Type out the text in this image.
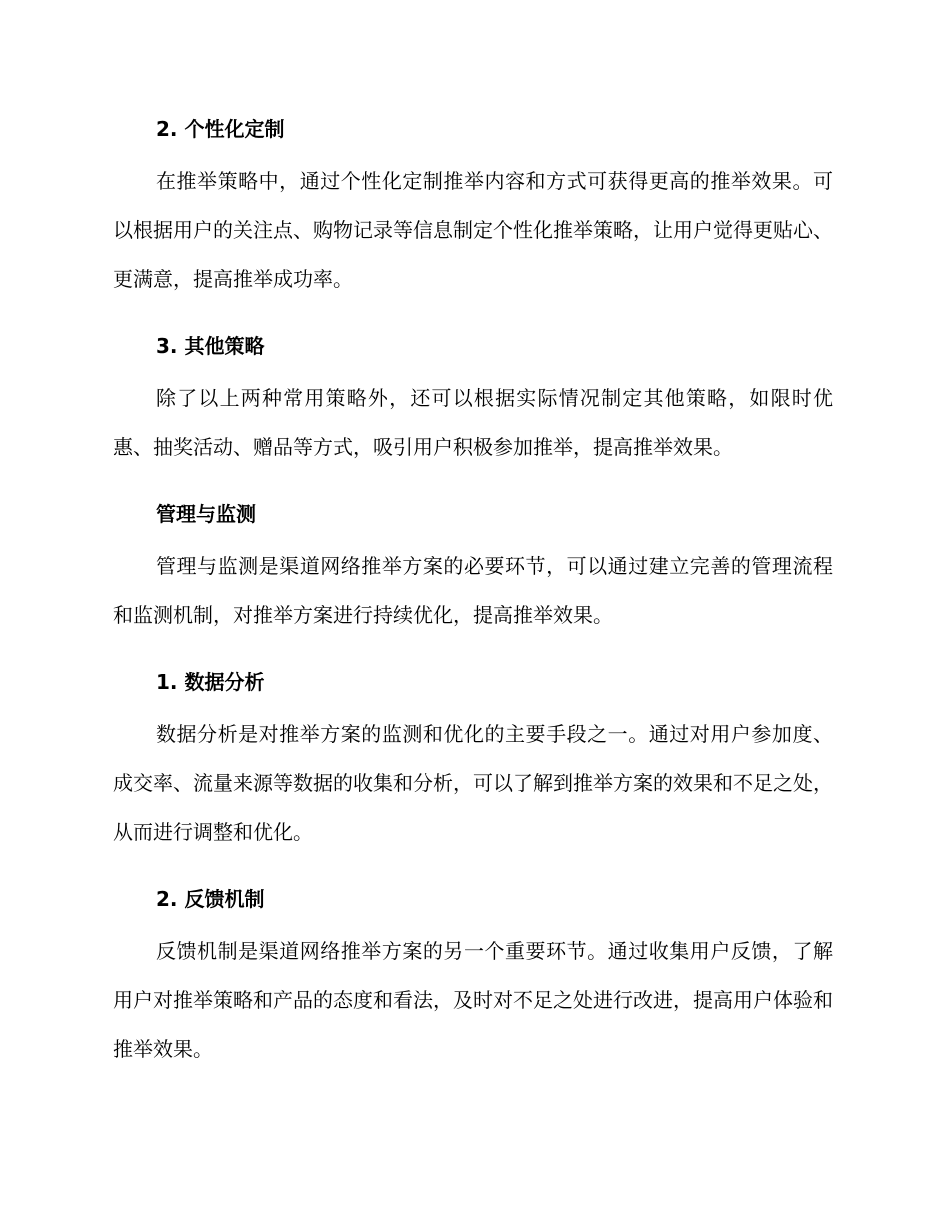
2. 个性化定制

在推举策略中，通过个性化定制推举内容和方式可获得更高的推举效果。可以根据用户的关注点、购物记录等信息制定个性化推举策略，让用户觉得更贴心、更满意，提高推举成功率。

3. 其他策略

除了以上两种常用策略外，还可以根据实际情况制定其他策略，如限时优惠、抽奖活动、赠品等方式，吸引用户积极参加推举，提高推举效果。

管理与监测

管理与监测是渠道网络推举方案的必要环节，可以通过建立完善的管理流程和监测机制，对推举方案进行持续优化，提高推举效果。

1. 数据分析

数据分析是对推举方案的监测和优化的主要手段之一。通过对用户参加度、成交率、流量来源等数据的收集和分析，可以了解到推举方案的效果和不足之处，从而进行调整和优化。

2. 反馈机制

反馈机制是渠道网络推举方案的另一个重要环节。通过收集用户反馈，了解用户对推举策略和产品的态度和看法，及时对不足之处进行改进，提高用户体验和推举效果。
